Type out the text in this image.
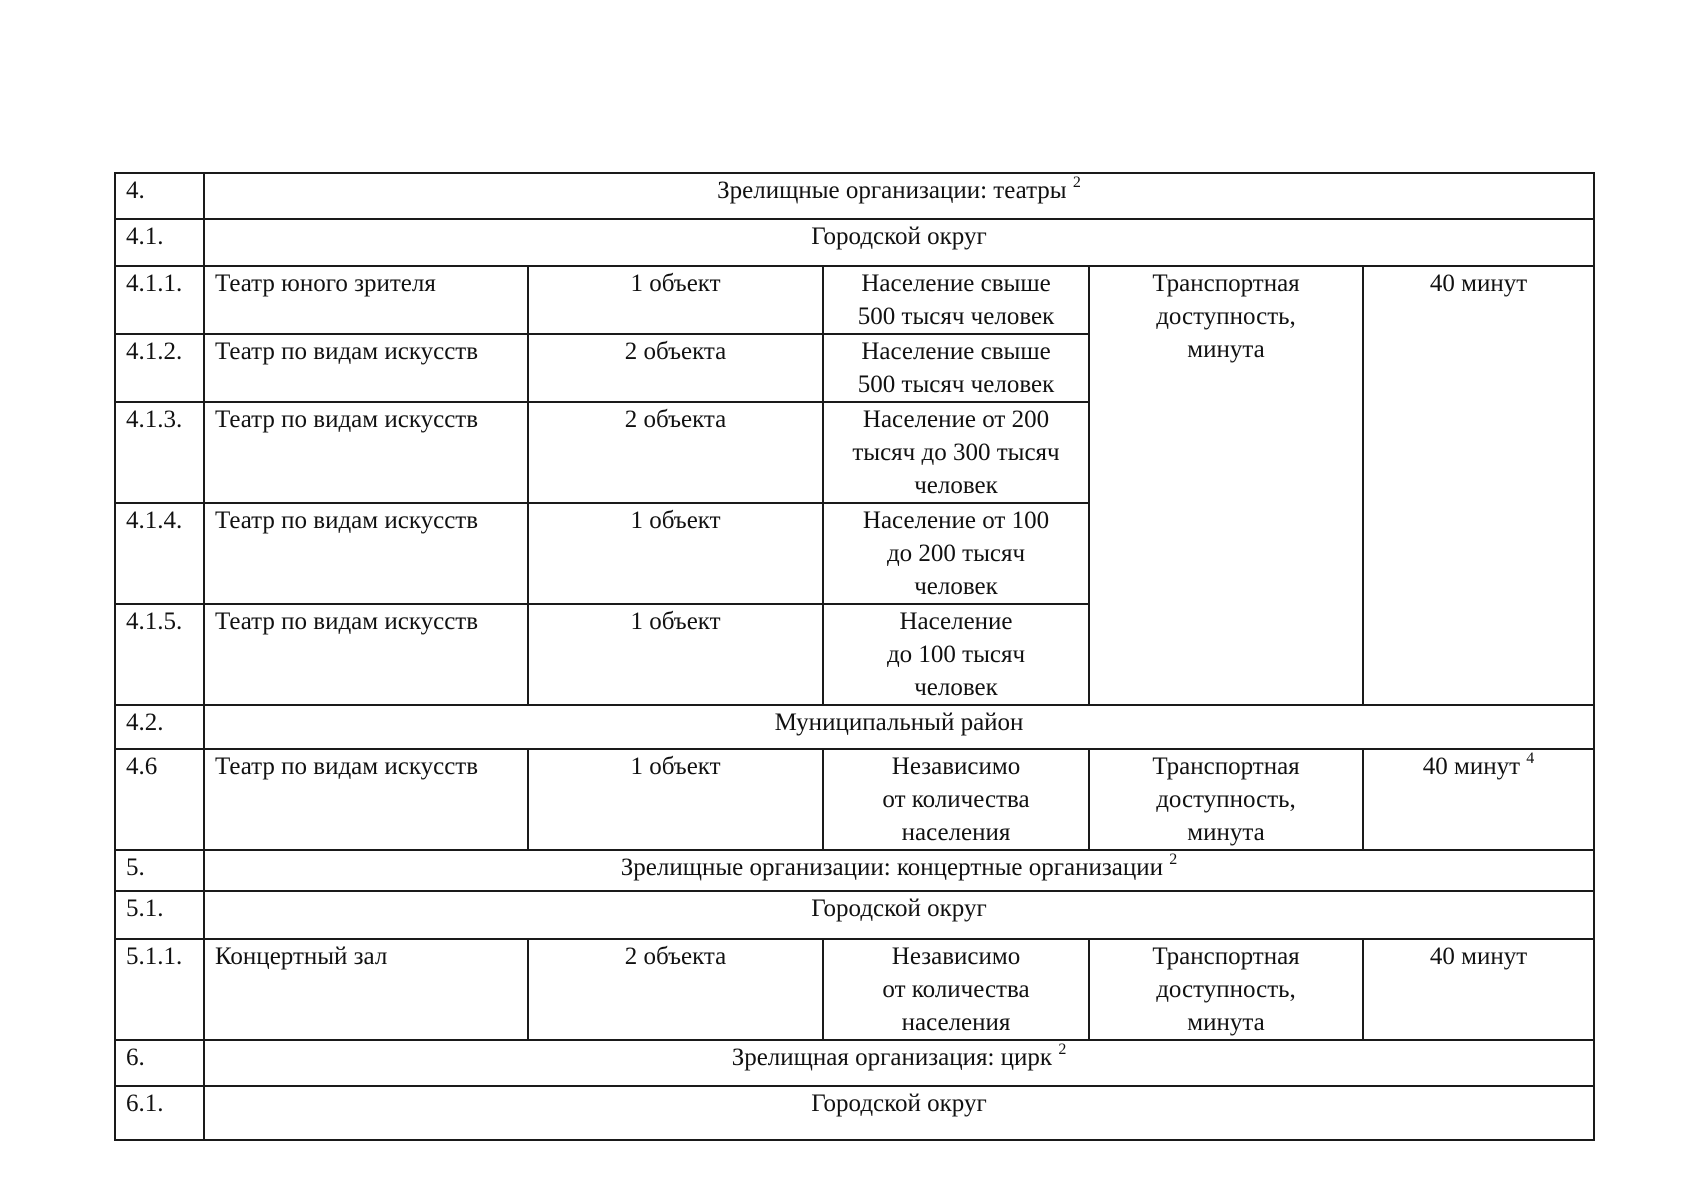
4.	Зрелищные организации: театры $^2$
4.1.	Городской округ				
4.1.1.	Театр юного зрителя	1 объект	Население свыше
500 тысяч человек	Транспортная
доступность,
минута	40 минут
4.1.2.	Театр по видам искусств	2 объекта	Население свыше
500 тысяч человек		
4.1.3.	Театр по видам искусств	2 объекта	Население от 200
тысяч до 300 тысяч
человек		
4.1.4.	Театр по видам искусств	1 объект	Население от 100
до 200 тысяч
человек		
4.1.5.	Театр по видам искусств	1 объект	Население
до 100 тысяч
человек		
4.2.	Муниципальный район				
4.6	Театр по видам искусств	1 объект	Независимо
от количества
населения	Транспортная
доступность,
минута	40 минут $^4$
5.	Зрелищные организации: концертные организации $^2$
5.1.	Городской округ				
5.1.1.	Концертный зал	2 объекта	Независимо
от количества
населения	Транспортная
доступность,
минута	40 минут
6.	Зрелищная организация: цирк $^2$
6.1.	Городской округ				
